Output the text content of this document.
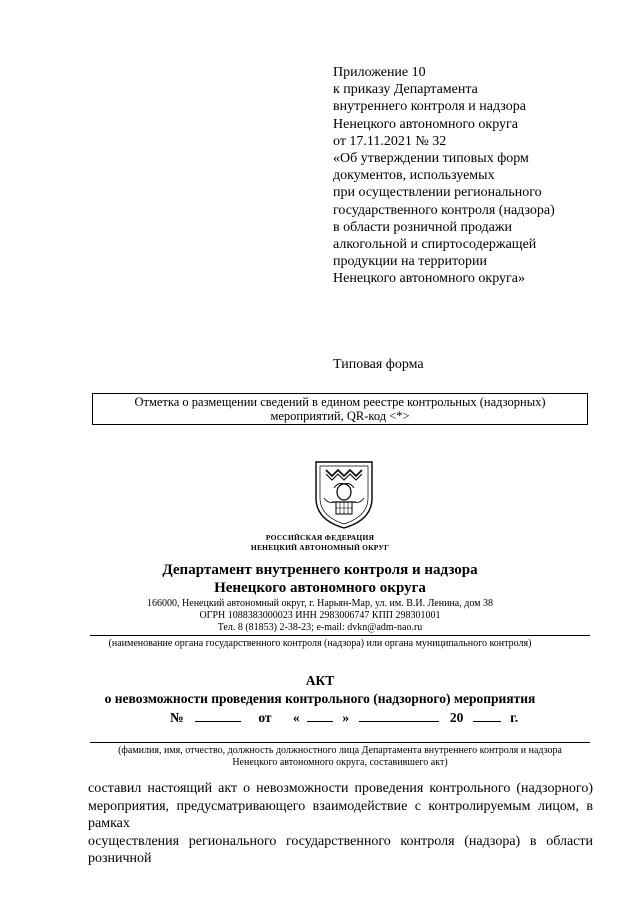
Приложение 10
к приказу Департамента
внутреннего контроля и надзора
Ненецкого автономного округа
от 17.11.2021 № 32
«Об утверждении типовых форм
документов, используемых
при осуществлении регионального
государственного контроля (надзора)
в области розничной продажи
алкогольной и спиртосодержащей
продукции на территории
Ненецкого автономного округа»
Типовая форма
Отметка о размещении сведений в едином реестре контрольных (надзорных)
мероприятий, QR-код <*>
РОССИЙСКАЯ ФЕДЕРАЦИЯ
НЕНЕЦКИЙ АВТОНОМНЫЙ ОКРУГ
Департамент внутреннего контроля и надзора
Ненецкого автономного округа
166000, Ненецкий автономный округ, г. Нарьян-Мар, ул. им. В.И. Ленина, дом 38
ОГРН 1088383000023 ИНН 2983006747 КПП 298301001
Тел. 8 (81853) 2-38-23; e-mail: dvkn@adm-nao.ru
(наименование органа государственного контроля (надзора) или органа муниципального контроля)
АКТ
о невозможности проведения контрольного (надзорного) мероприятия
№	от «	»	20	г.
(фамилия, имя, отчество, должность должностного лица Департамента внутреннего контроля и надзора
Ненецкого автономного округа, составившего акт)
составил настоящий акт о невозможности проведения контрольного (надзорного)
мероприятия, предусматривающего взаимодействие с контролируемым лицом, в рамках
осуществления регионального государственного контроля (надзора) в области розничной
